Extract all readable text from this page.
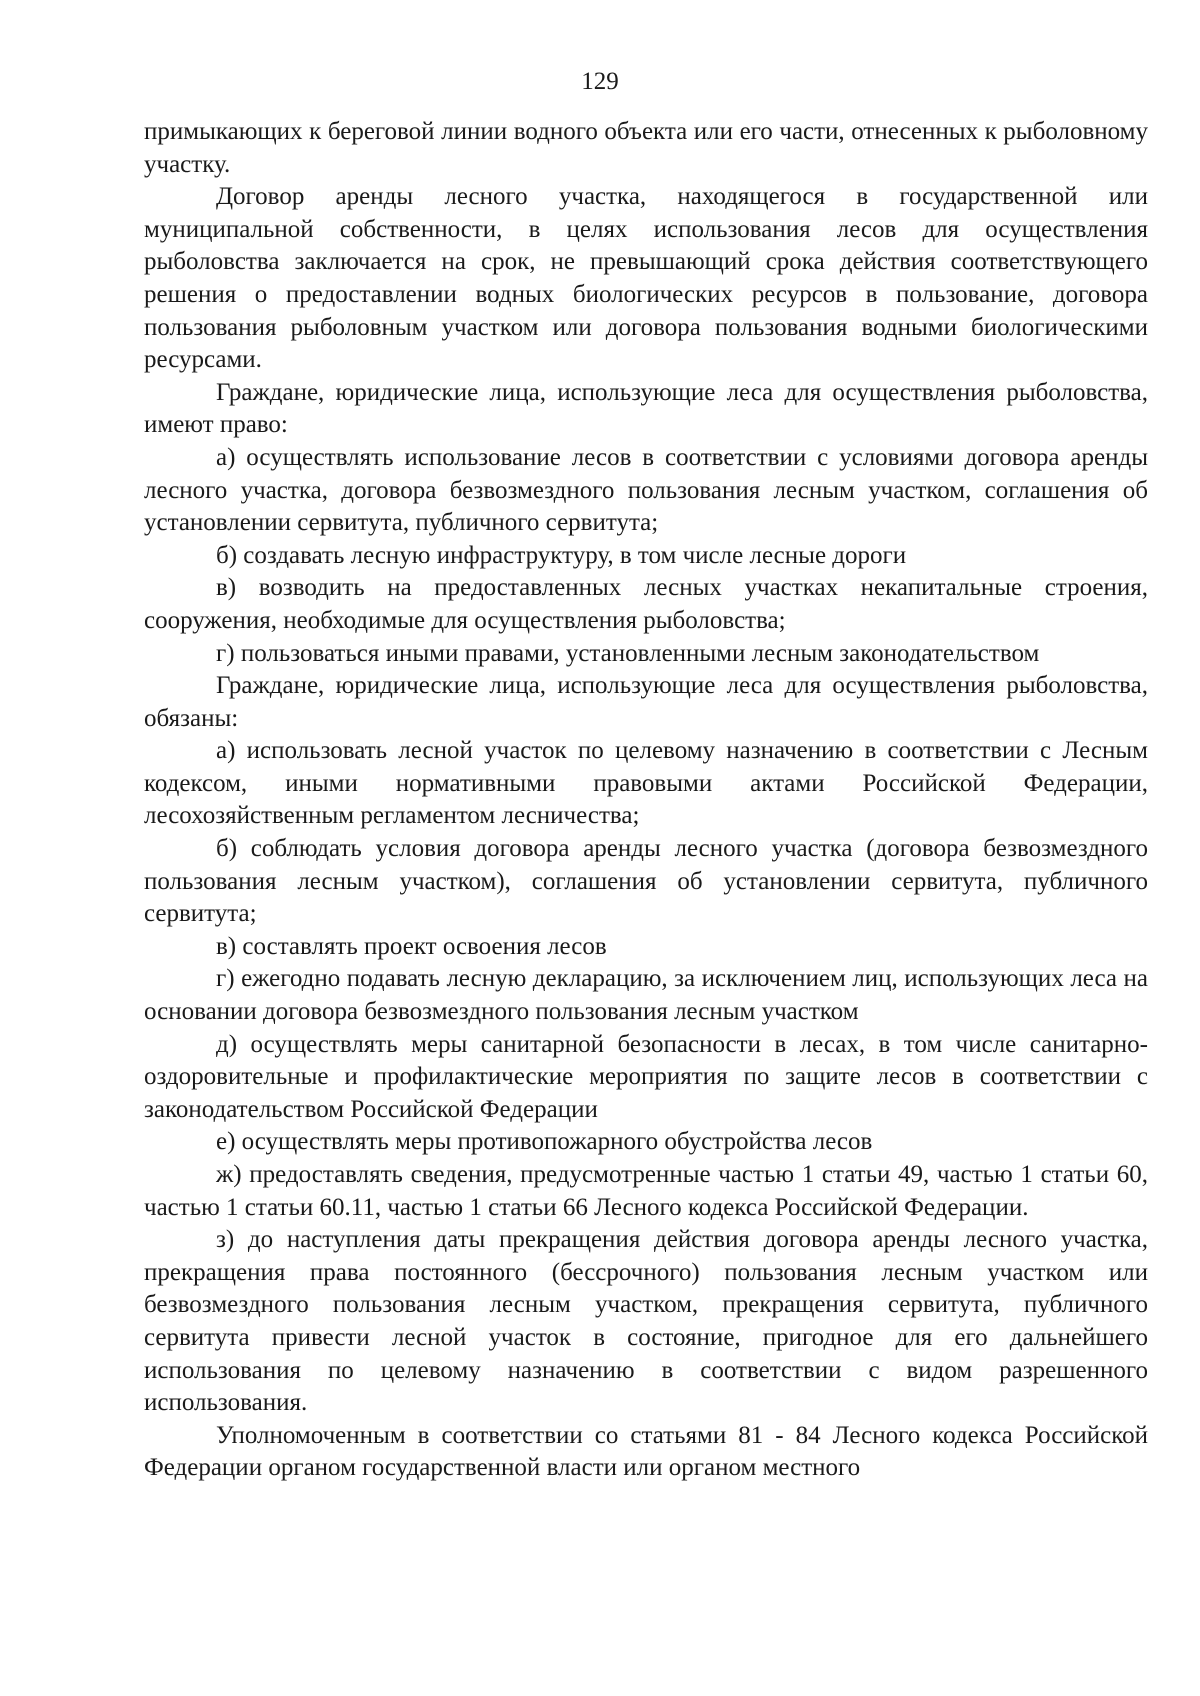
129

примыкающих к береговой линии водного объекта или его части, отнесенных к рыболовному участку.

Договор аренды лесного участка, находящегося в государственной или муниципальной собственности, в целях использования лесов для осуществления рыболовства заключается на срок, не превышающий срока действия соответствующего решения о предоставлении водных биологических ресурсов в пользование, договора пользования рыболовным участком или договора пользования водными биологическими ресурсами.

Граждане, юридические лица, использующие леса для осуществления рыболовства, имеют право:

а) осуществлять использование лесов в соответствии с условиями договора аренды лесного участка, договора безвозмездного пользования лесным участком, соглашения об установлении сервитута, публичного сервитута;

б) создавать лесную инфраструктуру, в том числе лесные дороги

в) возводить на предоставленных лесных участках некапитальные строения, сооружения, необходимые для осуществления рыболовства;

г) пользоваться иными правами, установленными лесным законодательством

Граждане, юридические лица, использующие леса для осуществления рыболовства, обязаны:

а) использовать лесной участок по целевому назначению в соответствии с Лесным кодексом, иными нормативными правовыми актами Российской Федерации, лесохозяйственным регламентом лесничества;

б) соблюдать условия договора аренды лесного участка (договора безвозмездного пользования лесным участком), соглашения об установлении сервитута, публичного сервитута;

в) составлять проект освоения лесов

г) ежегодно подавать лесную декларацию, за исключением лиц, использующих леса на основании договора безвозмездного пользования лесным участком

д) осуществлять меры санитарной безопасности в лесах, в том числе санитарно-оздоровительные и профилактические мероприятия по защите лесов в соответствии с законодательством Российской Федерации

е) осуществлять меры противопожарного обустройства лесов

ж) предоставлять сведения, предусмотренные частью 1 статьи 49, частью 1 статьи 60, частью 1 статьи 60.11, частью 1 статьи 66 Лесного кодекса Российской Федерации.

з) до наступления даты прекращения действия договора аренды лесного участка, прекращения права постоянного (бессрочного) пользования лесным участком или безвозмездного пользования лесным участком, прекращения сервитута, публичного сервитута привести лесной участок в состояние, пригодное для его дальнейшего использования по целевому назначению в соответствии с видом разрешенного использования.

Уполномоченным в соответствии со статьями 81 - 84 Лесного кодекса Российской Федерации органом государственной власти или органом местного
